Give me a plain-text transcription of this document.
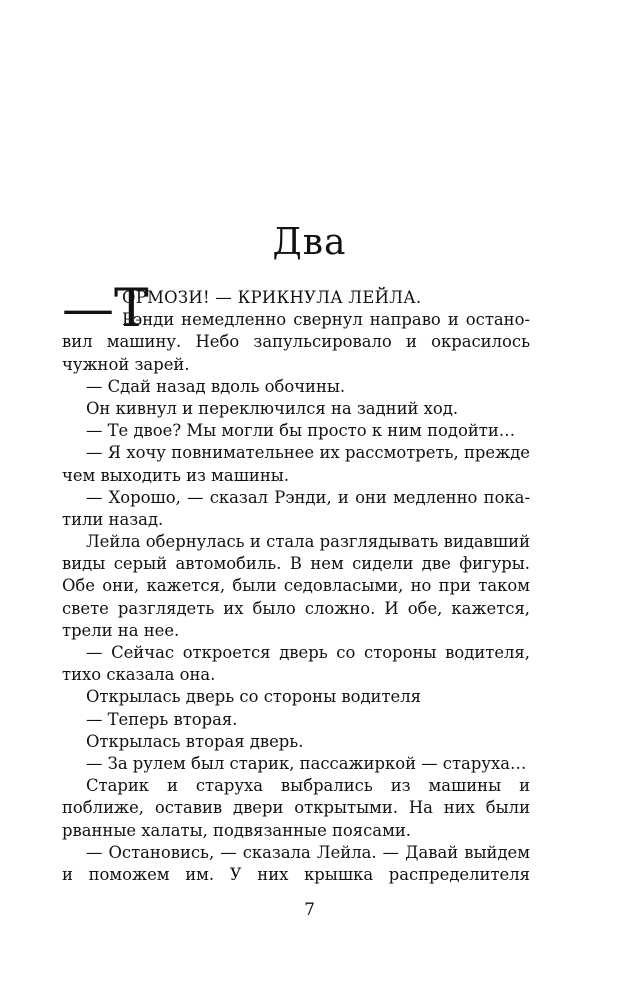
Два
—Т
ОРМОЗИ! — КРИКНУЛА ЛЕЙЛА.
Рэнди немедленно свернул направо и остано-
вил машину. Небо запульсировало и окрасилось
чужной зарей.
— Сдай назад вдоль обочины.
Он кивнул и переключился на задний ход.
— Те двое? Мы могли бы просто к ним подойти…
— Я хочу повнимательнее их рассмотреть, прежде
чем выходить из машины.
— Хорошо, — сказал Рэнди, и они медленно пока-
тили назад.
Лейла обернулась и стала разглядывать видавший
виды серый автомобиль. В нем сидели две фигуры.
Обе они, кажется, были седовласыми, но при таком
свете разглядеть их было сложно. И обе, кажется,
трели на нее.
— Сейчас откроется дверь со стороны водителя,
тихо сказала она.
Открылась дверь со стороны водителя
— Теперь вторая.
Открылась вторая дверь.
— За рулем был старик, пассажиркой — старуха…
Старик и старуха выбрались из машины и
поближе, оставив двери открытыми. На них были
рванные халаты, подвязанные поясами.
— Остановись, — сказала Лейла. — Давай выйдем
и поможем им. У них крышка распределителя
7
